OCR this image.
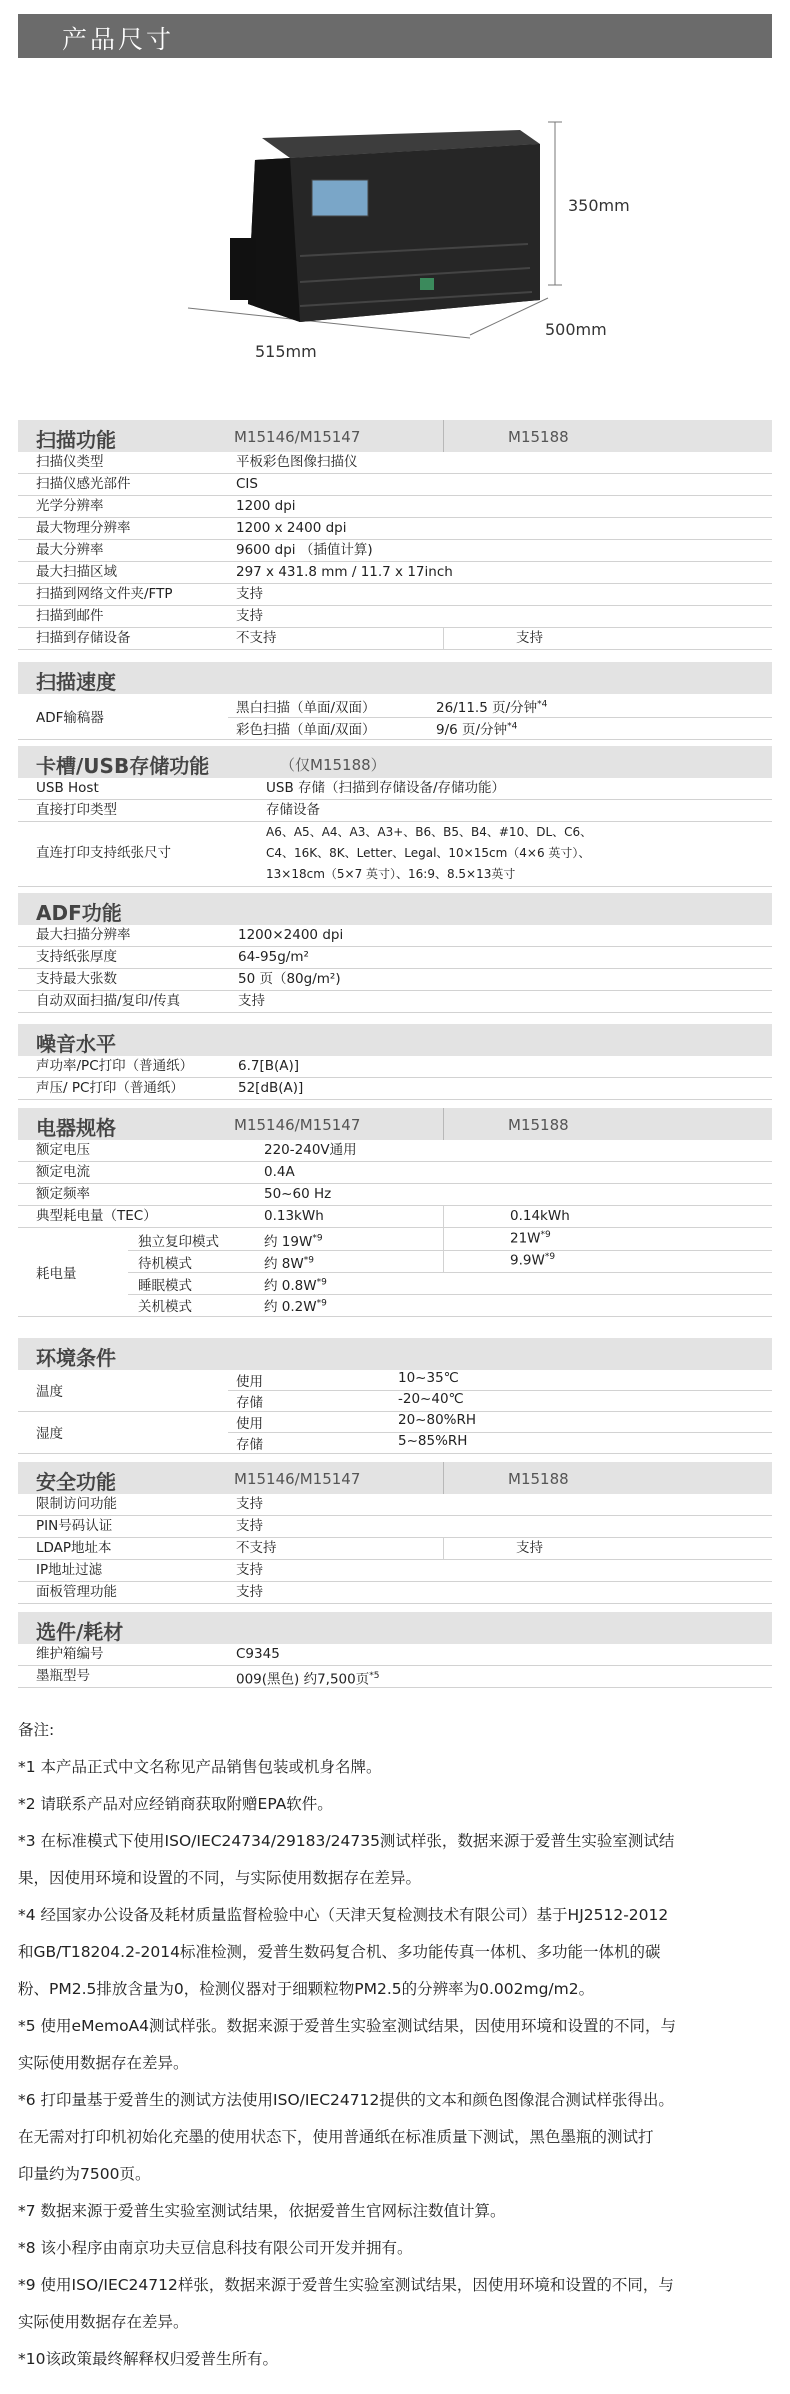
产品尺寸
350mm
500mm
515mm
扫描功能	M15146/M15147	M15188
扫描仪类型	平板彩色图像扫描仪
扫描仪感光部件	CIS
光学分辨率	1200 dpi
最大物理分辨率	1200 x 2400 dpi
最大分辨率	9600 dpi （插值计算)
最大扫描区域	297 x 431.8 mm / 11.7 x 17inch
扫描到网络文件夹/FTP	支持
扫描到邮件	支持
扫描到存储设备	不支持	支持
扫描速度
ADF输稿器
黑白扫描（单面/双面）	26/11.5 页/分钟$^{*4}$
彩色扫描（单面/双面）	9/6 页/分钟$^{*4}$
卡槽/USB存储功能	（仅M15188）
USB Host	USB 存储（扫描到存储设备/存储功能）
直接打印类型	存储设备
直连打印支持纸张尺寸
A6、A5、A4、A3、A3+、B6、B5、B4、#10、DL、C6、
C4、16K、8K、Letter、Legal、10×15cm（4×6 英寸）、
13×18cm（5×7 英寸）、16:9、8.5×13英寸
ADF功能
最大扫描分辨率	1200×2400 dpi
支持纸张厚度	64-95g/m²
支持最大张数	50 页（80g/m²)
自动双面扫描/复印/传真	支持
噪音水平
声功率/PC打印（普通纸）	6.7[B(A)]
声压/ PC打印（普通纸）	52[dB(A)]
电器规格	M15146/M15147	M15188
额定电压	220-240V通用
额定电流	0.4A
额定频率	50~60 Hz
典型耗电量（TEC）	0.13kWh	0.14kWh
耗电量
独立复印模式	约 $19W^{*9}$	$21W^{*9}$
待机模式	约 $8W^{*9}$	$9.9W^{*9}$
睡眠模式	约 $0.8W^{*9}$
关机模式	约 $0.2W^{*9}$
环境条件
温度
使用	10~35℃
存储	-20~40℃
湿度
使用	20~80%RH
存储	5~85%RH
安全功能	M15146/M15147	M15188
限制访问功能	支持
PIN号码认证	支持
LDAP地址本	不支持	支持
IP地址过滤	支持
面板管理功能	支持
选件/耗材
维护箱编号	C9345
墨瓶型号	009(黑色) 约7,500页$^{*5}$

备注:

*1 本产品正式中文名称见产品销售包装或机身名牌。

*2 请联系产品对应经销商获取附赠EPA软件。

*3 在标准模式下使用ISO/IEC24734/29183/24735测试样张，数据来源于爱普生实验室测试结

果，因使用环境和设置的不同，与实际使用数据存在差异。

*4 经国家办公设备及耗材质量监督检验中心（天津天复检测技术有限公司）基于HJ2512-2012

和GB/T18204.2-2014标准检测，爱普生数码复合机、多功能传真一体机、多功能一体机的碳

粉、PM2.5排放含量为0，检测仪器对于细颗粒物PM2.5的分辨率为0.002mg/m2。

*5 使用eMemoA4测试样张。数据来源于爱普生实验室测试结果，因使用环境和设置的不同，与

实际使用数据存在差异。

*6 打印量基于爱普生的测试方法使用ISO/IEC24712提供的文本和颜色图像混合测试样张得出。

在无需对打印机初始化充墨的使用状态下，使用普通纸在标准质量下测试，黑色墨瓶的测试打

印量约为7500页。

*7 数据来源于爱普生实验室测试结果，依据爱普生官网标注数值计算。

*8 该小程序由南京功夫豆信息科技有限公司开发并拥有。

*9 使用ISO/IEC24712样张，数据来源于爱普生实验室测试结果，因使用环境和设置的不同，与

实际使用数据存在差异。

*10该政策最终解释权归爱普生所有。
